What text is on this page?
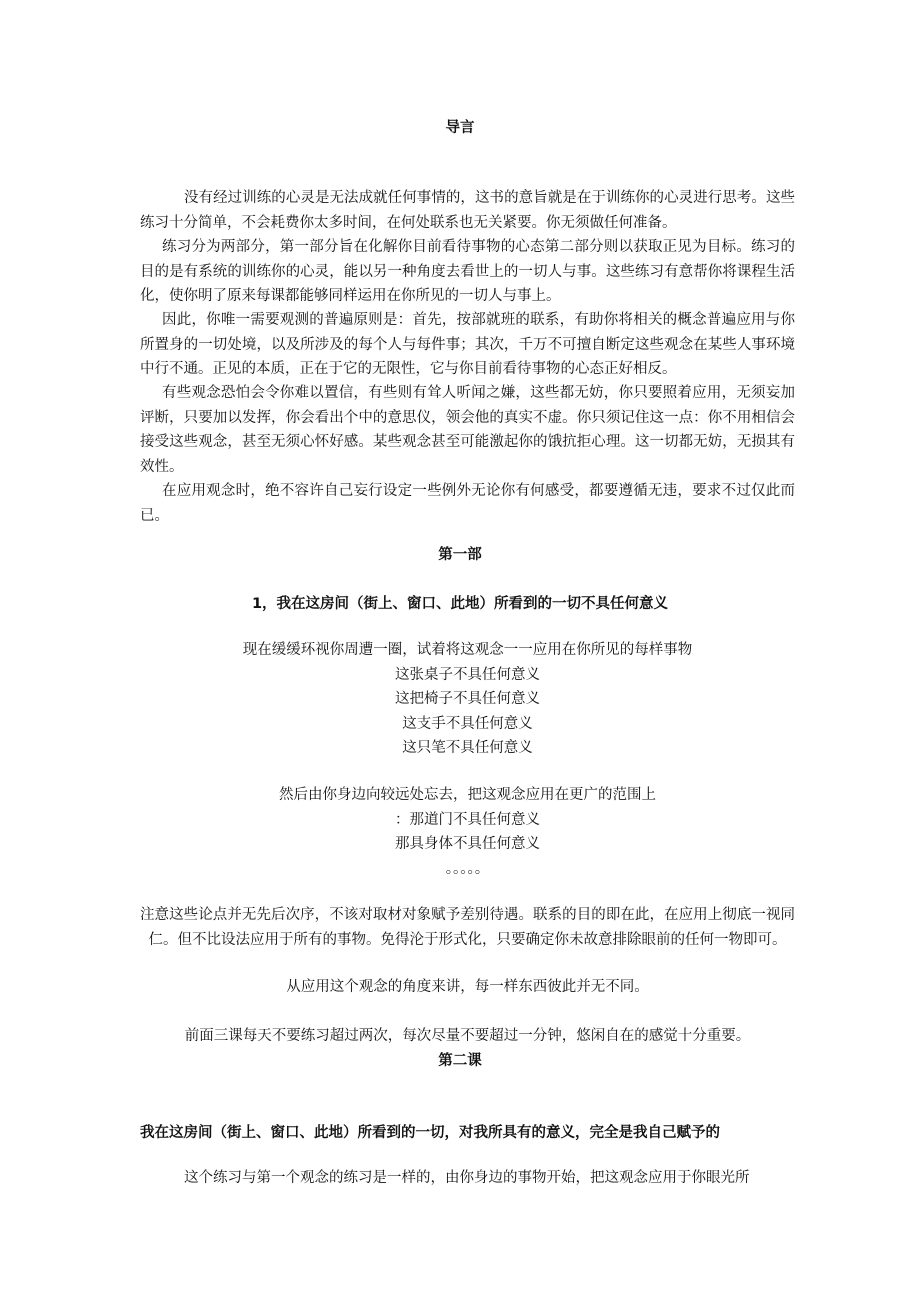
导言

没有经过训练的心灵是无法成就任何事情的，这书的意旨就是在于训练你的心灵进行思考。这些练习十分简单，不会耗费你太多时间，在何处联系也无关紧要。你无须做任何准备。

练习分为两部分，第一部分旨在化解你目前看待事物的心态第二部分则以获取正见为目标。练习的目的是有系统的训练你的心灵，能以另一种角度去看世上的一切人与事。这些练习有意帮你将课程生活化，使你明了原来每课都能够同样运用在你所见的一切人与事上。

因此，你唯一需要观测的普遍原则是：首先，按部就班的联系，有助你将相关的概念普遍应用与你所置身的一切处境，以及所涉及的每个人与每件事；其次，千万不可擅自断定这些观念在某些人事环境中行不通。正见的本质，正在于它的无限性，它与你目前看待事物的心态正好相反。

有些观念恐怕会令你难以置信，有些则有耸人听闻之嫌，这些都无妨，你只要照着应用，无须妄加评断，只要加以发挥，你会看出个中的意思仪，领会他的真实不虚。你只须记住这一点：你不用相信会接受这些观念，甚至无须心怀好感。某些观念甚至可能激起你的饿抗拒心理。这一切都无妨，无损其有效性。

在应用观念时，绝不容许自己妄行设定一些例外无论你有何感受，都要遵循无违，要求不过仅此而已。

第一部
1，我在这房间（街上、窗口、此地）所看到的一切不具任何意义
现在缓缓环视你周遭一圈，试着将这观念一一应用在你所见的每样事物
这张桌子不具任何意义
这把椅子不具任何意义
这支手不具任何意义
这只笔不具任何意义
然后由你身边向较远处忘去，把这观念应用在更广的范围上
：那道门不具任何意义
那具身体不具任何意义
。。。。。

注意这些论点并无先后次序，不该对取材对象赋予差别待遇。联系的目的即在此，在应用上彻底一视同仁。但不比设法应用于所有的事物。免得沦于形式化，只要确定你未故意排除眼前的任何一物即可。

从应用这个观念的角度来讲，每一样东西彼此并无不同。

前面三课每天不要练习超过两次，每次尽量不要超过一分钟，悠闲自在的感觉十分重要。

第二课
我在这房间（街上、窗口、此地）所看到的一切，对我所具有的意义，完全是我自己赋予的

这个练习与第一个观念的练习是一样的，由你身边的事物开始，把这观念应用于你眼光所
